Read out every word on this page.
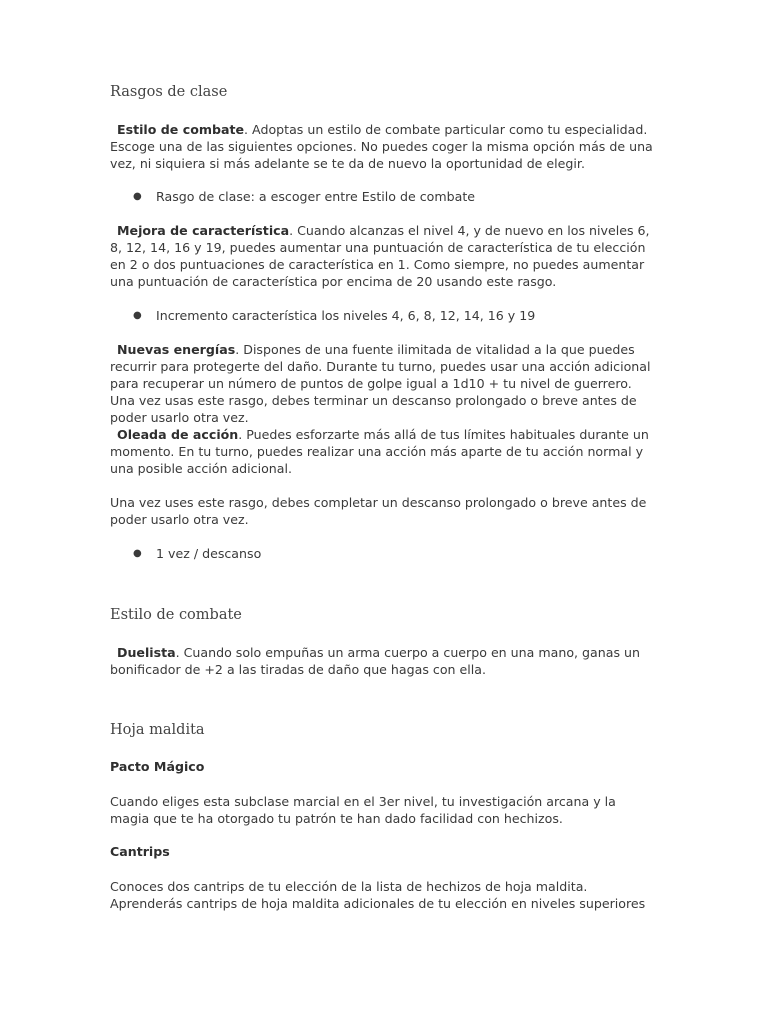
Rasgos de clase

Estilo de combate. Adoptas un estilo de combate particular como tu especialidad. Escoge una de las siguientes opciones. No puedes coger la misma opción más de una vez, ni siquiera si más adelante se te da de nuevo la oportunidad de elegir.

● Rasgo de clase: a escoger entre Estilo de combate

Mejora de característica. Cuando alcanzas el nivel 4, y de nuevo en los niveles 6, 8, 12, 14, 16 y 19, puedes aumentar una puntuación de característica de tu elección en 2 o dos puntuaciones de característica en 1. Como siempre, no puedes aumentar una puntuación de característica por encima de 20 usando este rasgo.

● Incremento característica los niveles 4, 6, 8, 12, 14, 16 y 19

Nuevas energías. Dispones de una fuente ilimitada de vitalidad a la que puedes recurrir para protegerte del daño. Durante tu turno, puedes usar una acción adicional para recuperar un número de puntos de golpe igual a 1d10 + tu nivel de guerrero. Una vez usas este rasgo, debes terminar un descanso prolongado o breve antes de poder usarlo otra vez.

Oleada de acción. Puedes esforzarte más allá de tus límites habituales durante un momento. En tu turno, puedes realizar una acción más aparte de tu acción normal y una posible acción adicional.

Una vez uses este rasgo, debes completar un descanso prolongado o breve antes de poder usarlo otra vez.

● 1 vez / descanso
Estilo de combate

Duelista. Cuando solo empuñas un arma cuerpo a cuerpo en una mano, ganas un bonificador de +2 a las tiradas de daño que hagas con ella.

Hoja maldita

Pacto Mágico

Cuando eliges esta subclase marcial en el 3er nivel, tu investigación arcana y la magia que te ha otorgado tu patrón te han dado facilidad con hechizos.

Cantrips

Conoces dos cantrips de tu elección de la lista de hechizos de hoja maldita. Aprenderás cantrips de hoja maldita adicionales de tu elección en niveles superiores
